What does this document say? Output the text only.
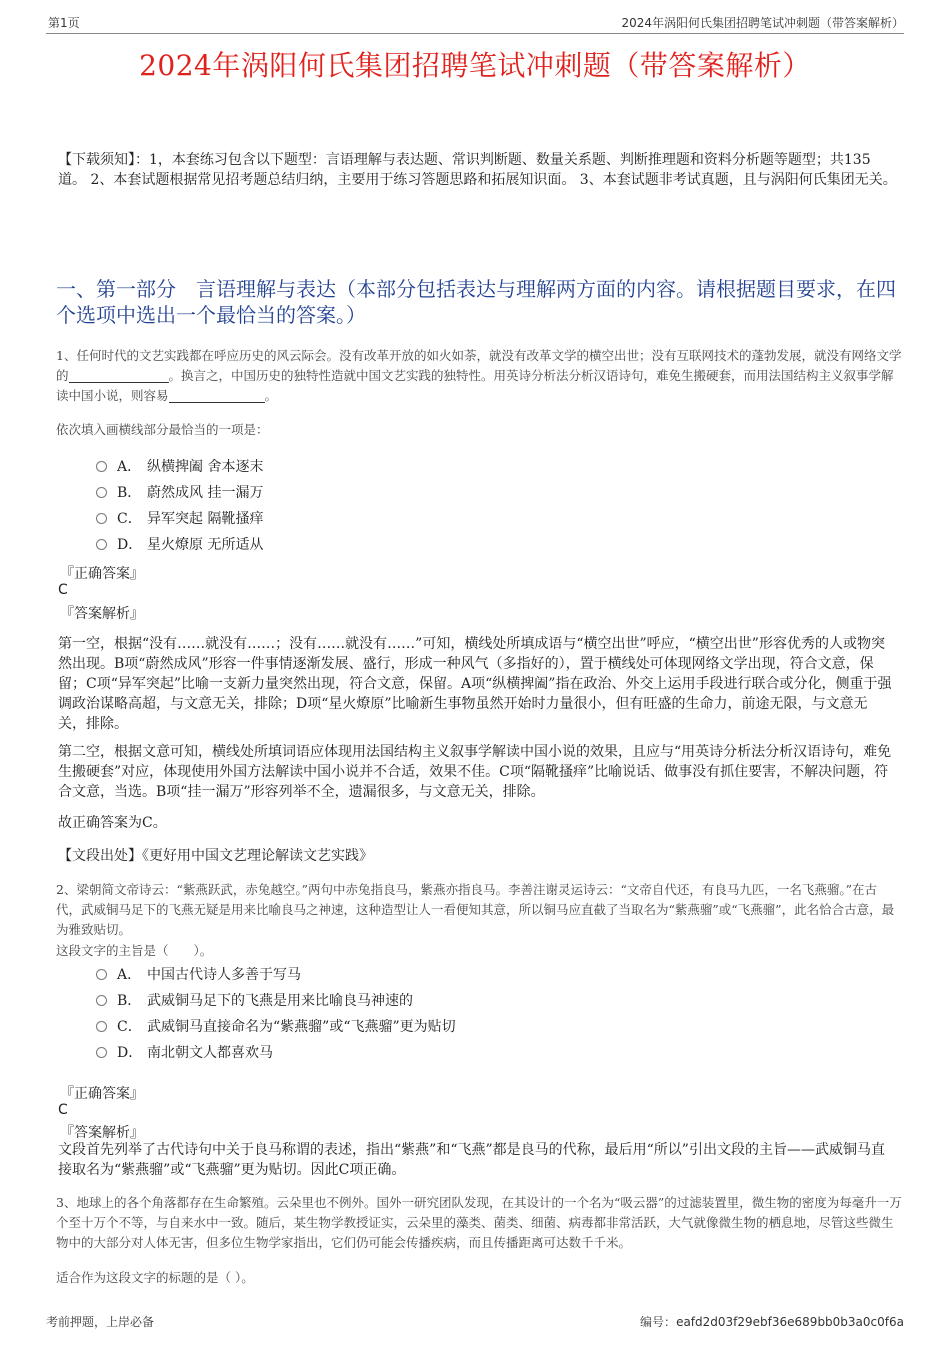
第1页	2024年涡阳何氏集团招聘笔试冲刺题（带答案解析）
2024年涡阳何氏集团招聘笔试冲刺题（带答案解析）
【下载须知】：1，本套练习包含以下题型：言语理解与表达题、常识判断题、数量关系题、判断推理题和资料分析题等题型；共135道。 2、本套试题根据常见招考题总结归纳，主要用于练习答题思路和拓展知识面。 3、本套试题非考试真题，且与涡阳何氏集团无关。
一、第一部分　言语理解与表达（本部分包括表达与理解两方面的内容。请根据题目要求，在四个选项中选出一个最恰当的答案。）
1、任何时代的文艺实践都在呼应历史的风云际会。没有改革开放的如火如荼，就没有改革文学的横空出世；没有互联网技术的蓬勃发展，就没有网络文学的	。换言之，中国历史的独特性造就中国文艺实践的独特性。用英诗分析法分析汉语诗句，难免生搬硬套，而用法国结构主义叙事学解读中国小说，则容易	。
依次填入画横线部分最恰当的一项是：
A． 纵横捭阖 舍本逐末
B． 蔚然成风 挂一漏万
C． 异军突起 隔靴搔痒
D． 星火燎原 无所适从
『正确答案』
C
『答案解析』
第一空，根据“没有……就没有……；没有……就没有……”可知，横线处所填成语与“横空出世”呼应，“横空出世”形容优秀的人或物突然出现。B项“蔚然成风”形容一件事情逐渐发展、盛行，形成一种风气（多指好的），置于横线处可体现网络文学出现，符合文意，保留；C项“异军突起”比喻一支新力量突然出现，符合文意，保留。A项“纵横捭阖”指在政治、外交上运用手段进行联合或分化，侧重于强调政治谋略高超，与文意无关，排除；D项“星火燎原”比喻新生事物虽然开始时力量很小，但有旺盛的生命力，前途无限，与文意无关，排除。
第二空，根据文意可知，横线处所填词语应体现用法国结构主义叙事学解读中国小说的效果，且应与“用英诗分析法分析汉语诗句，难免生搬硬套”对应，体现使用外国方法解读中国小说并不合适，效果不佳。C项“隔靴搔痒”比喻说话、做事没有抓住要害，不解决问题，符合文意，当选。B项“挂一漏万”形容列举不全，遗漏很多，与文意无关，排除。
故正确答案为C。
【文段出处】《更好用中国文艺理论解读文艺实践》
2、梁朝简文帝诗云：“紫燕跃武，赤兔越空。”两句中赤兔指良马，紫燕亦指良马。李善注谢灵运诗云：“文帝自代还，有良马九匹，一名飞燕骝。”在古代，武威铜马足下的飞燕无疑是用来比喻良马之神速，这种造型让人一看便知其意，所以铜马应直截了当取名为“紫燕骝”或“飞燕骝”，此名恰合古意，最为雅致贴切。
这段文字的主旨是（　　）。
A． 中国古代诗人多善于写马
B． 武威铜马足下的飞燕是用来比喻良马神速的
C． 武威铜马直接命名为“紫燕骝”或“飞燕骝”更为贴切
D． 南北朝文人都喜欢马
『正确答案』
C
『答案解析』
文段首先列举了古代诗句中关于良马称谓的表述，指出“紫燕”和“飞燕”都是良马的代称，最后用“所以”引出文段的主旨——武威铜马直接取名为“紫燕骝”或“飞燕骝”更为贴切。因此C项正确。
3、地球上的各个角落都存在生命繁殖。云朵里也不例外。国外一研究团队发现，在其设计的一个名为“吸云器”的过滤装置里，微生物的密度为每毫升一万个至十万个不等，与自来水中一致。随后，某生物学教授证实，云朵里的藻类、菌类、细菌、病毒都非常活跃，大气就像微生物的栖息地，尽管这些微生物中的大部分对人体无害，但多位生物学家指出，它们仍可能会传播疾病，而且传播距离可达数千千米。
适合作为这段文字的标题的是（ ）。
考前押题，上岸必备	编号：eafd2d03f29ebf36e689bb0b3a0c0f6a
